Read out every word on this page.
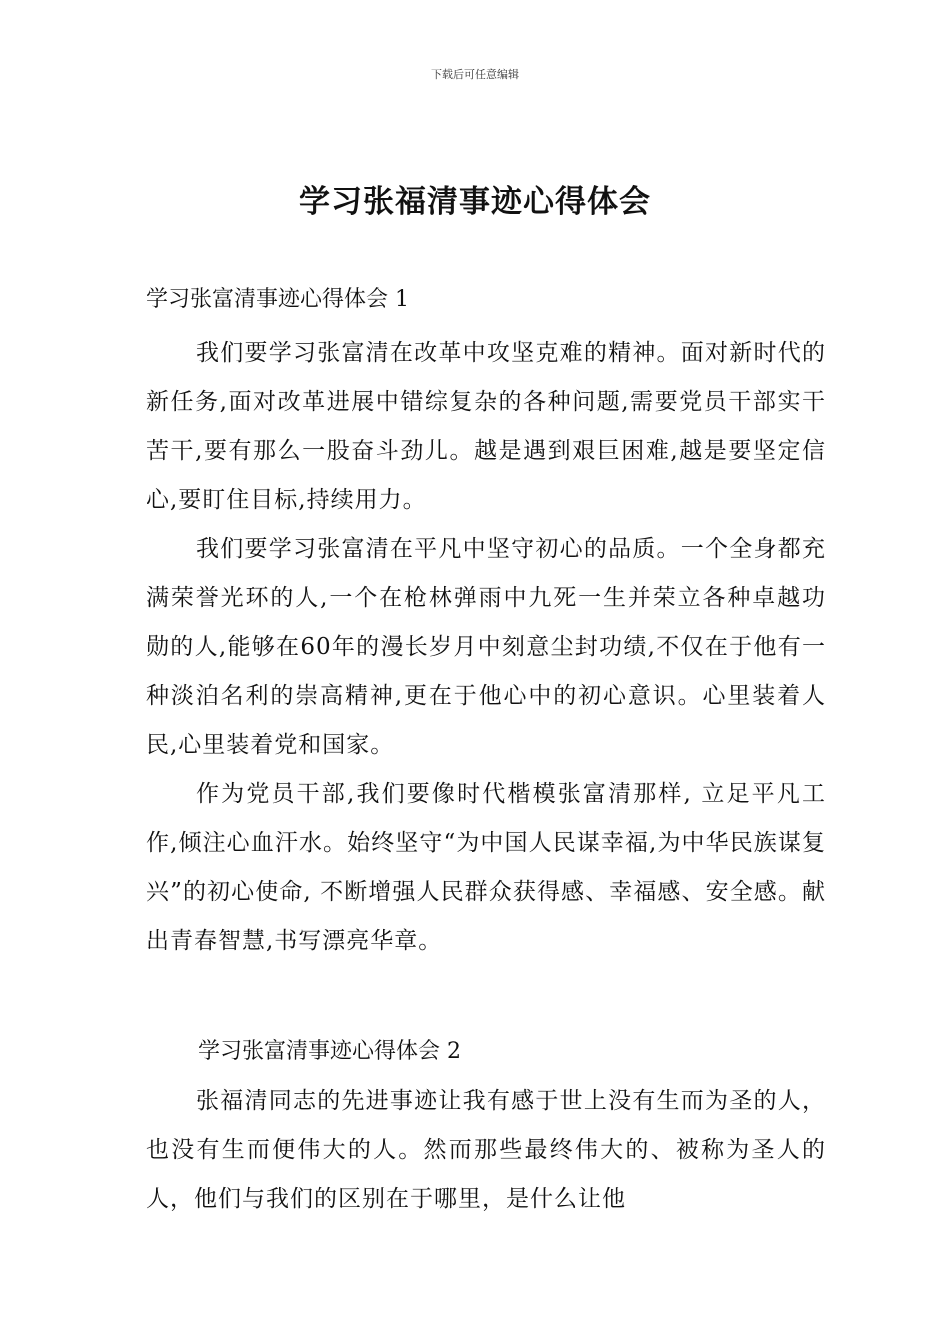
下载后可任意编辑
学习张福清事迹心得体会

学习张富清事迹心得体会 1

我们要学习张富清在改革中攻坚克难的精神。面对新时代的新任务,面对改革进展中错综复杂的各种问题,需要党员干部实干苦干,要有那么一股奋斗劲儿。越是遇到艰巨困难,越是要坚定信心,要盯住目标,持续用力。

我们要学习张富清在平凡中坚守初心的品质。一个全身都充满荣誉光环的人,一个在枪林弹雨中九死一生并荣立各种卓越功勋的人,能够在60年的漫长岁月中刻意尘封功绩,不仅在于他有一种淡泊名利的崇高精神,更在于他心中的初心意识。心里装着人民,心里装着党和国家。

作为党员干部,我们要像时代楷模张富清那样, 立足平凡工作,倾注心血汗水。始终坚守“为中国人民谋幸福,为中华民族谋复兴”的初心使命, 不断增强人民群众获得感、幸福感、安全感。献出青春智慧,书写漂亮华章。

学习张富清事迹心得体会 2

张福清同志的先进事迹让我有感于世上没有生而为圣的人，也没有生而便伟大的人。然而那些最终伟大的、被称为圣人的人，他们与我们的区别在于哪里，是什么让他
